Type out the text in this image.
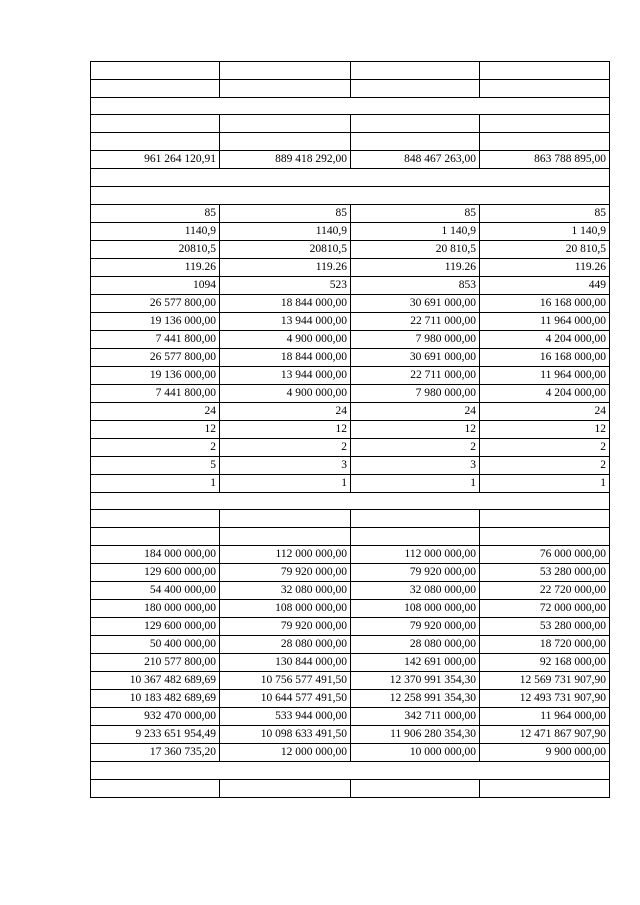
961 264 120,91	889 418 292,00	848 467 263,00	863 788 895,00

85	85	85	85
1140,9	1140,9	1 140,9	1 140,9
20810,5	20810,5	20 810,5	20 810,5
119.26	119.26	119.26	119.26
1094	523	853	449
26 577 800,00	18 844 000,00	30 691 000,00	16 168 000,00
19 136 000,00	13 944 000,00	22 711 000,00	11 964 000,00
7 441 800,00	4 900 000,00	7 980 000,00	4 204 000,00
26 577 800,00	18 844 000,00	30 691 000,00	16 168 000,00
19 136 000,00	13 944 000,00	22 711 000,00	11 964 000,00
7 441 800,00	4 900 000,00	7 980 000,00	4 204 000,00
24	24	24	24
12	12	12	12
2	2	2	2
5	3	3	2
1	1	1	1

184 000 000,00	112 000 000,00	112 000 000,00	76 000 000,00
129 600 000,00	79 920 000,00	79 920 000,00	53 280 000,00
54 400 000,00	32 080 000,00	32 080 000,00	22 720 000,00
180 000 000,00	108 000 000,00	108 000 000,00	72 000 000,00
129 600 000,00	79 920 000,00	79 920 000,00	53 280 000,00
50 400 000,00	28 080 000,00	28 080 000,00	18 720 000,00
210 577 800,00	130 844 000,00	142 691 000,00	92 168 000,00
10 367 482 689,69	10 756 577 491,50	12 370 991 354,30	12 569 731 907,90
10 183 482 689,69	10 644 577 491,50	12 258 991 354,30	12 493 731 907,90
932 470 000,00	533 944 000,00	342 711 000,00	11 964 000,00
9 233 651 954,49	10 098 633 491,50	11 906 280 354,30	12 471 867 907,90
17 360 735,20	12 000 000,00	10 000 000,00	9 900 000,00
